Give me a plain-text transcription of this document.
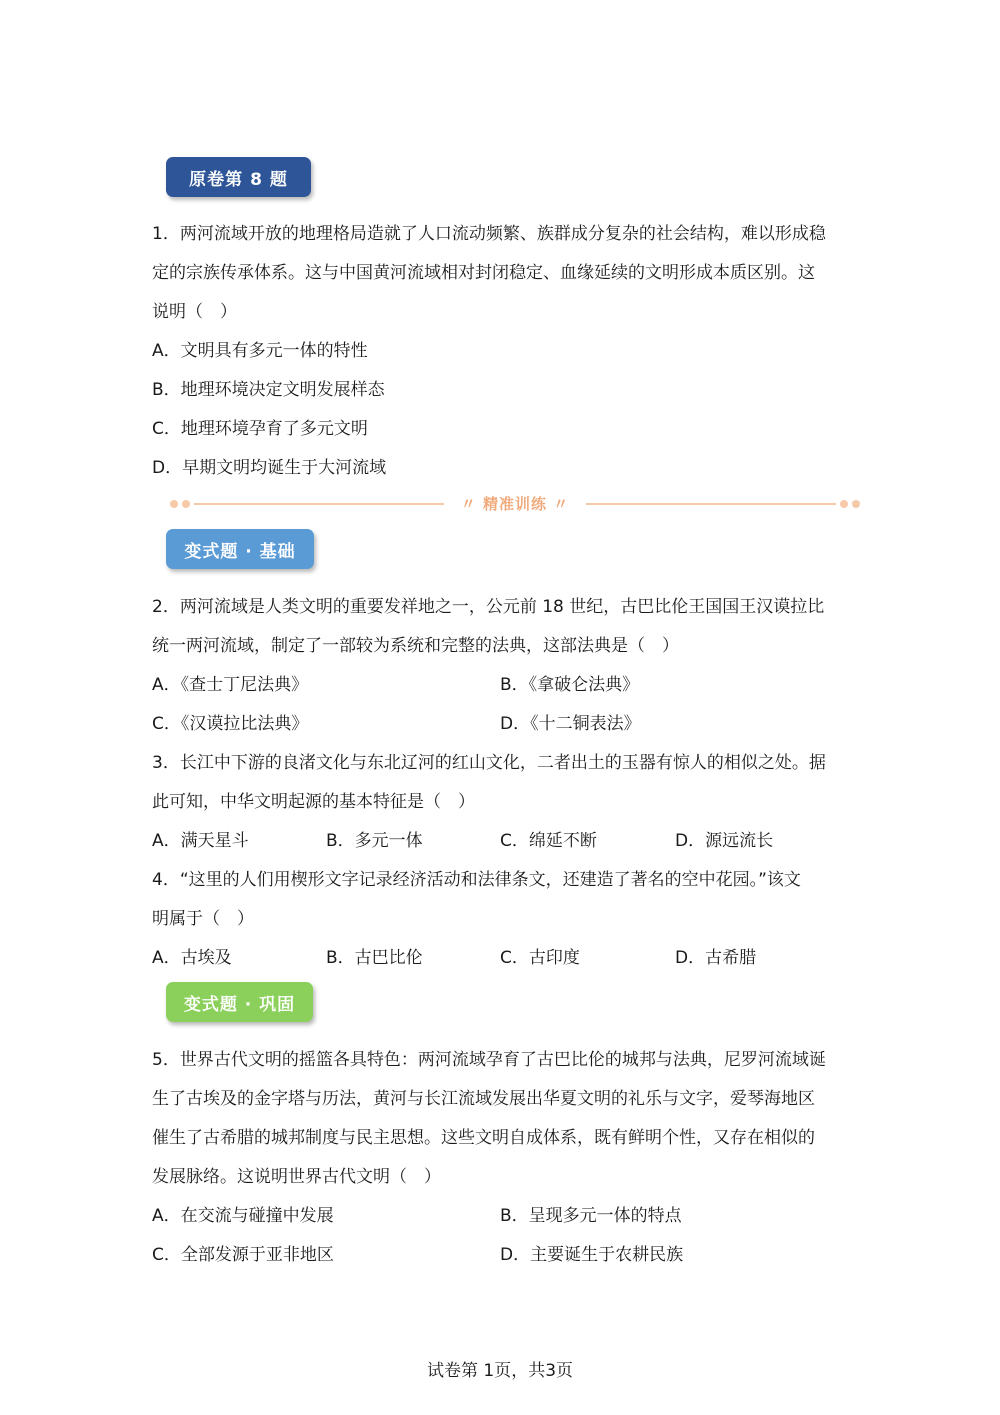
原卷第 8 题
1．两河流域开放的地理格局造就了人口流动频繁、族群成分复杂的社会结构，难以形成稳
定的宗族传承体系。这与中国黄河流域相对封闭稳定、血缘延续的文明形成本质区别。这
说明（　）
A．文明具有多元一体的特性
B．地理环境决定文明发展样态
C．地理环境孕育了多元文明
D．早期文明均诞生于大河流域
〃 精准训练 〃
变式题 · 基础
2．两河流域是人类文明的重要发祥地之一，公元前 18 世纪，古巴比伦王国国王汉谟拉比
统一两河流域，制定了一部较为系统和完整的法典，这部法典是（　）
A．《查士丁尼法典》	B．《拿破仑法典》
C．《汉谟拉比法典》	D．《十二铜表法》
3．长江中下游的良渚文化与东北辽河的红山文化，二者出土的玉器有惊人的相似之处。据
此可知，中华文明起源的基本特征是（　）
A．满天星斗	B．多元一体	C．绵延不断	D．源远流长
4．“这里的人们用楔形文字记录经济活动和法律条文，还建造了著名的空中花园。”该文
明属于（　）
A．古埃及	B．古巴比伦	C．古印度	D．古希腊
变式题 · 巩固
5．世界古代文明的摇篮各具特色：两河流域孕育了古巴比伦的城邦与法典，尼罗河流域诞
生了古埃及的金字塔与历法，黄河与长江流域发展出华夏文明的礼乐与文字，爱琴海地区
催生了古希腊的城邦制度与民主思想。这些文明自成体系，既有鲜明个性，又存在相似的
发展脉络。这说明世界古代文明（　）
A．在交流与碰撞中发展	B．呈现多元一体的特点
C．全部发源于亚非地区	D．主要诞生于农耕民族
试卷第 1页，共3页
